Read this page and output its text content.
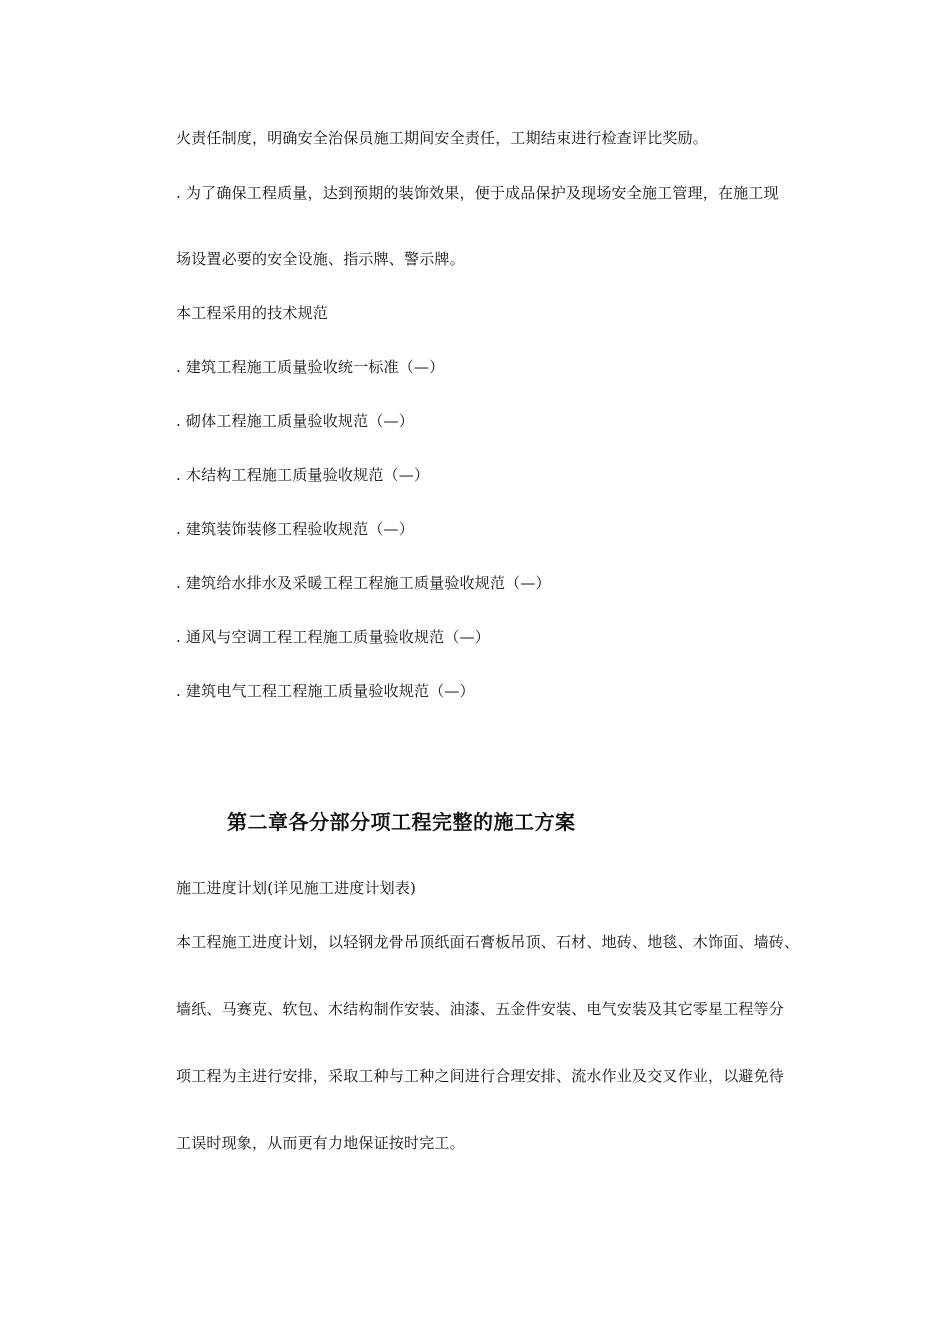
火责任制度，明确安全治保员施工期间安全责任，工期结束进行检查评比奖励。
. 为了确保工程质量，达到预期的装饰效果，便于成品保护及现场安全施工管理，在施工现
场设置必要的安全设施、指示牌、警示牌。
本工程采用的技术规范
. 建筑工程施工质量验收统一标准（—）
. 砌体工程施工质量验收规范（—）
. 木结构工程施工质量验收规范（—）
. 建筑装饰装修工程验收规范（—）
. 建筑给水排水及采暖工程工程施工质量验收规范（—）
. 通风与空调工程工程施工质量验收规范（—）
. 建筑电气工程工程施工质量验收规范（—）
第二章各分部分项工程完整的施工方案
施工进度计划(详见施工进度计划表)
本工程施工进度计划，以轻钢龙骨吊顶纸面石膏板吊顶、石材、地砖、地毯、木饰面、墙砖、
墙纸、马赛克、软包、木结构制作安装、油漆、五金件安装、电气安装及其它零星工程等分
项工程为主进行安排，采取工种与工种之间进行合理安排、流水作业及交叉作业，以避免待
工误时现象，从而更有力地保证按时完工。
